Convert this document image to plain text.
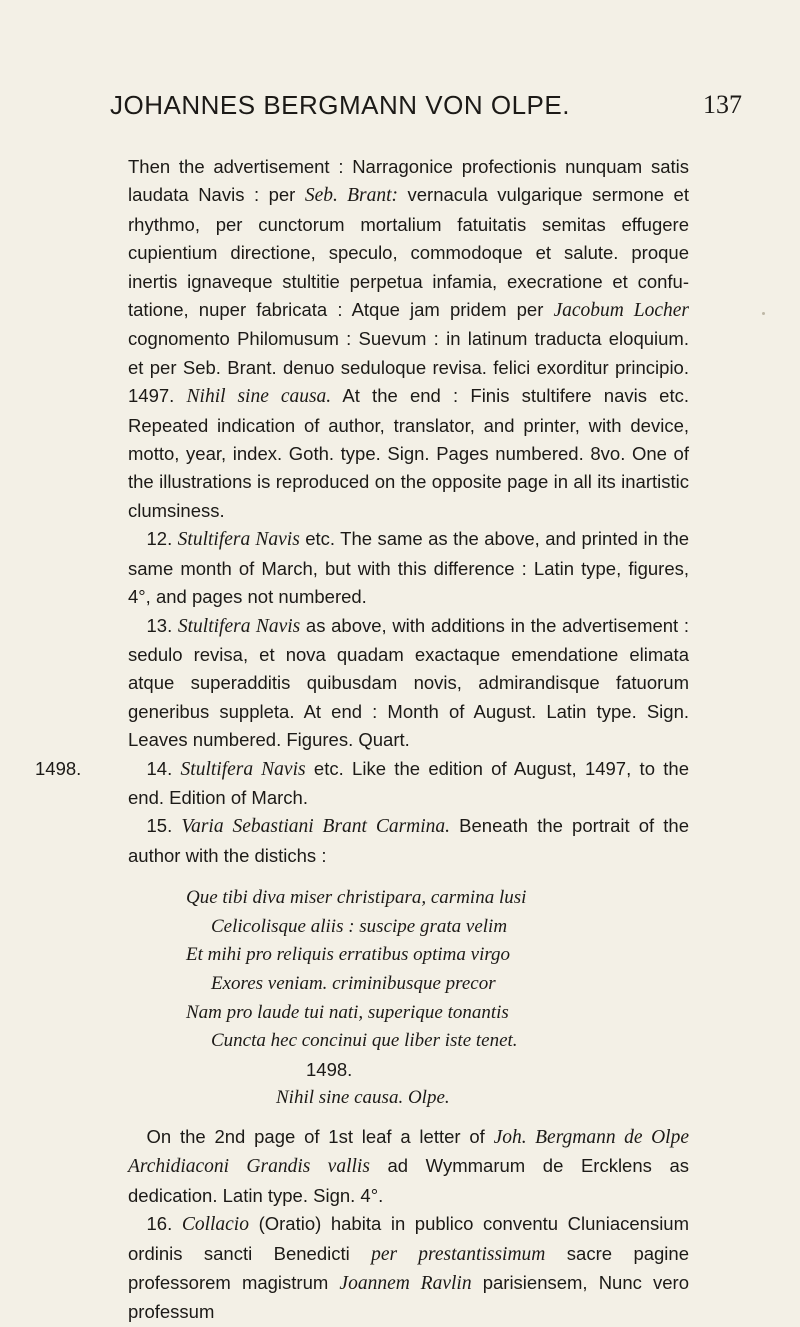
JOHANNES BERGMANN VON OLPE.	137

Then the advertisement : Narragonice profectionis nunquam satis laudata Navis : per Seb. Brant: vernacula vulgarique sermone et rhythmo, per cunctorum mortalium fatuitatis semitas effugere cupientium directione, speculo, commodoque et salute. proque inertis ignaveque stultitie perpetua infamia, execratione et confu- tatione, nuper fabricata : Atque jam pridem per Jacobum Locher cognomento Philomusum : Suevum : in latinum traducta eloquium. et per Seb. Brant. denuo seduloque revisa. felici exorditur principio. 1497. Nihil sine causa. At the end : Finis stultifere navis etc. Repeated indication of author, translator, and printer, with device, motto, year, index. Goth. type. Sign. Pages numbered. 8vo. One of the illustrations is reproduced on the opposite page in all its inartistic clumsiness.

 12. Stultifera Navis etc. The same as the above, and printed in the same month of March, but with this difference : Latin type, figures, 4°, and pages not numbered.

 13. Stultifera Navis as above, with additions in the advertisement : sedulo revisa, et nova quadam exactaque emendatione elimata atque superadditis quibusdam novis, admirandisque fatuorum generibus suppleta. At end : Month of August. Latin type. Sign. Leaves numbered. Figures. Quart.

1498.
 	14. Stultifera Navis etc. Like the edition of August, 1497, to the end. Edition of March.

 15. Varia Sebastiani Brant Carmina. Beneath the portrait of the author with the distichs :

Que tibi diva miser christipara, carmina lusi
Celicolisque aliis : suscipe grata velim
Et mihi pro reliquis erratibus optima virgo
Exores veniam. criminibusque precor
Nam pro laude tui nati, superique tonantis
Cuncta hec concinui que liber iste tenet.
1498.
Nihil sine causa. Olpe.

 On the 2nd page of 1st leaf a letter of Joh. Bergmann de Olpe Archidiaconi Grandis vallis ad Wymmarum de Ercklens as dedication. Latin type. Sign. 4°.

 16. Collacio (Oratio) habita in publico conventu Cluniacensium ordinis sancti Benedicti per prestantissimum sacre pagine professorem magistrum Joannem Ravlin parisiensem, Nunc vero professum
